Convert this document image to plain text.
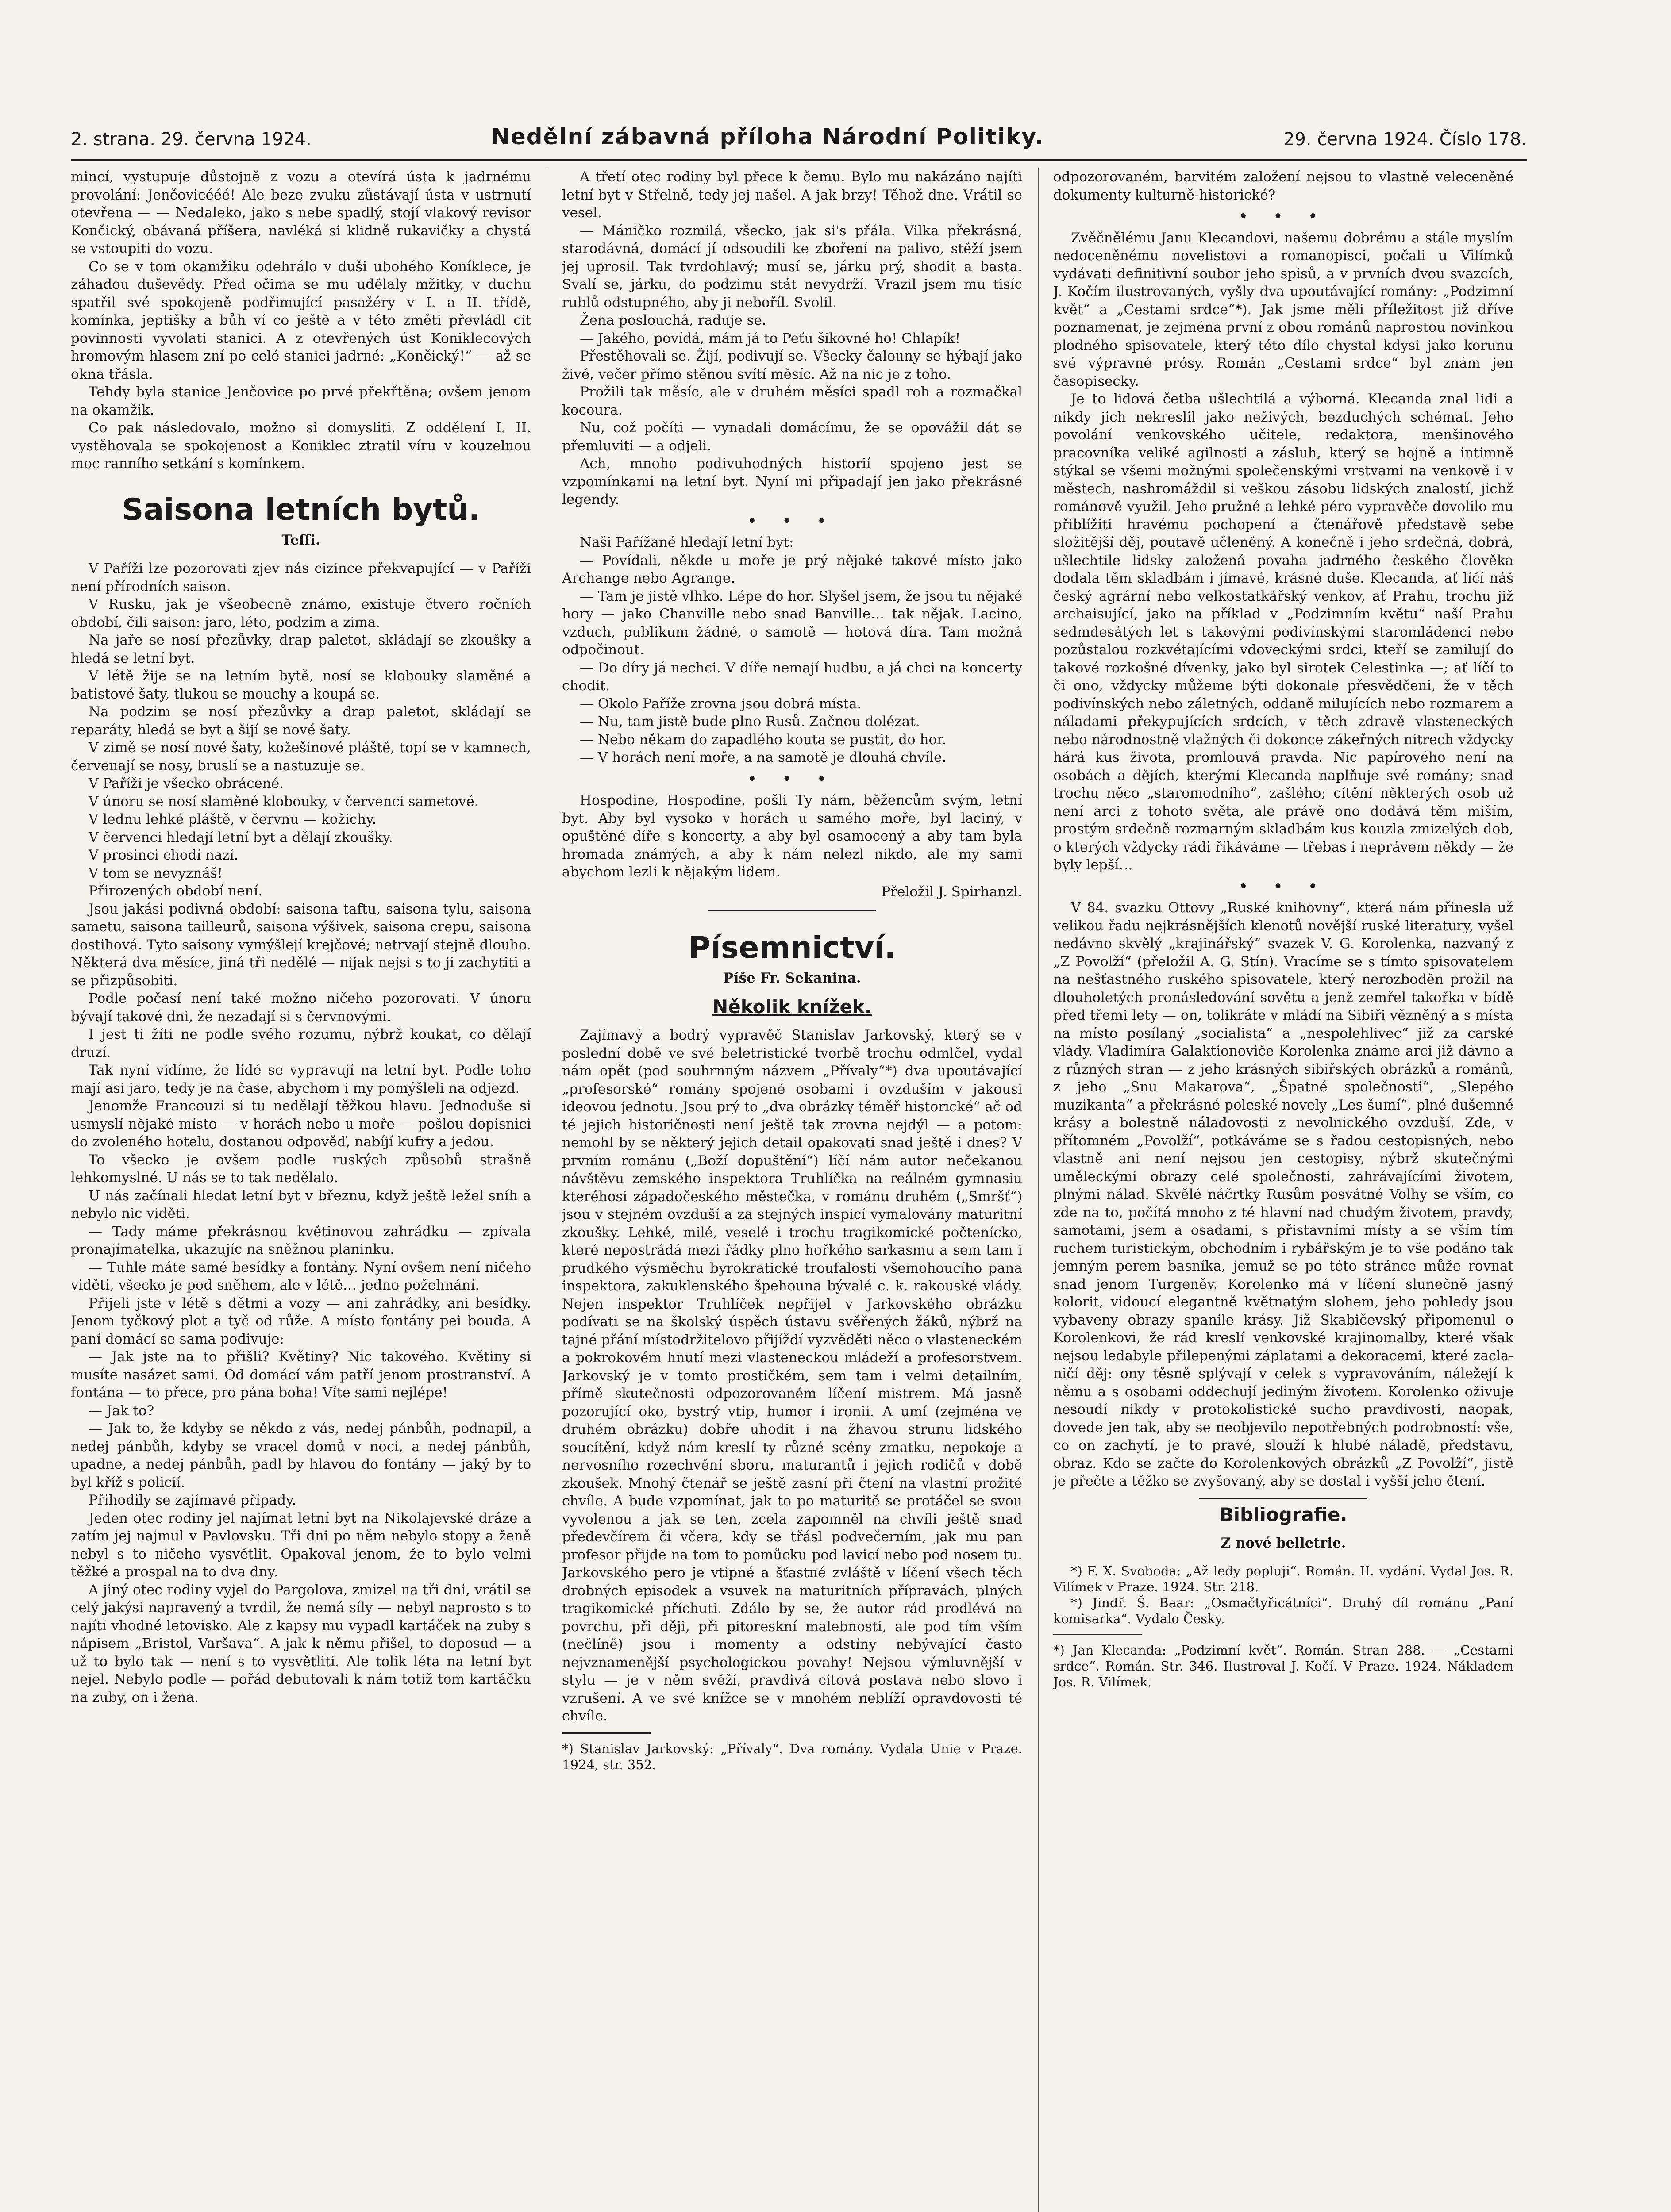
2. strana. 29. června 1924.	Nedělní zábavná příloha Národní Politiky.	29. června 1924. Číslo 178.

mincí, vystupuje důstojně z vozu a otevírá ústa k jadrnému provolání: Jenčovicééé! Ale beze zvuku zůstávají ústa v ustrnutí otevřena — — Nedaleko, jako s nebe spadlý, stojí vlakový revisor Končický, obávaná příšera, navléká si klidně rukavičky a chystá se vstoupiti do vozu.

Co se v tom okamžiku odehrálo v duši ubohého Koníklece, je záhadou duševědy. Před očima se mu udělaly mžitky, v duchu spatřil své spokojeně podřimující pasažéry v I. a II. třídě, komínka, jeptišky a bůh ví co ještě a v této změti převládl cit povinnosti vyvolati stanici. A z otevřených úst Koniklecových hromovým hlasem zní po celé stanici jadrné: „Končický!“ — až se okna třásla.

Tehdy byla stanice Jenčovice po prvé překřtěna; ovšem jenom na okamžik.

Co pak následovalo, možno si domysliti. Z oddělení I. II. vystěhovala se spokojenost a Koniklec ztratil víru v kouzelnou moc ranního setkání s komínkem.

Saisona letních bytů.
Teffi.

V Paříži lze pozorovati zjev nás cizince překvapující — v Paříži není přírodních saison.

V Rusku, jak je všeobecně známo, existuje čtvero ročních období, čili saison: jaro, léto, podzim a zima.

Na jaře se nosí přezůvky, drap paletot, skládají se zkoušky a hledá se letní byt.

V létě žije se na letním bytě, nosí se klobouky slaměné a batistové šaty, tlukou se mouchy a koupá se.

Na podzim se nosí přezůvky a drap paletot, skládají se reparáty, hledá se byt a šijí se nové šaty.

V zimě se nosí nové šaty, kožešinové pláště, topí se v kamnech, červenají se nosy, bruslí se a nastuzuje se.

V Paříži je všecko obrácené.

V únoru se nosí slaměné klobouky, v červenci sametové.

V lednu lehké pláště, v červnu — kožichy.

V červenci hledají letní byt a dělají zkoušky.

V prosinci chodí nazí.

V tom se nevyznáš!

Přirozených období není.

Jsou jakási podivná období: saisona taftu, saisona tylu, saisona sametu, saisona tailleurů, saisona výšivek, saisona crepu, saisona dostihová. Tyto saisony vymýšlejí krejčové; netrvají stejně dlouho. Některá dva měsíce, jiná tři nedělé — nijak nejsi s to ji zachytiti a se přizpůsobiti.

Podle počasí není také možno ničeho pozorovati. V únoru bývají takové dni, že nezadají si s červnovými.

I jest ti žíti ne podle svého rozumu, nýbrž koukat, co dělají druzí.

Tak nyní vidíme, že lidé se vypravují na letní byt. Podle toho mají asi jaro, tedy je na čase, abychom i my pomýšleli na odjezd.

Jenomže Francouzi si tu nedělají těžkou hlavu. Jednoduše si usmyslí nějaké místo — v horách nebo u moře — pošlou dopisnici do zvoleného hotelu, dostanou odpověď, nabíjí kufry a jedou.

To všecko je ovšem podle ruských způsobů strašně lehkomyslné. U nás se to tak nedělalo.

U nás začínali hledat letní byt v březnu, když ještě ležel sníh a nebylo nic viděti.

— Tady máme překrásnou květinovou zahrádku — zpívala pronajímatelka, ukazujíc na sněžnou planinku.

— Tuhle máte samé besídky a fontány. Nyní ovšem není ničeho viděti, všecko je pod sněhem, ale v létě… jedno požehnání.

Přijeli jste v létě s dětmi a vozy — ani zahrádky, ani besídky. Jenom tyčkový plot a tyč od růže. A místo fontány pei bouda. A paní domácí se sama podivuje:

— Jak jste na to přišli? Květiny? Nic takového. Květiny si musíte nasázet sami. Od domácí vám patří jenom prostranství. A fontána — to přece, pro pána boha! Víte sami nejlépe!

— Jak to?

— Jak to, že kdyby se někdo z vás, nedej pánbůh, podnapil, a nedej pánbůh, kdyby se vracel domů v noci, a nedej pánbůh, upadne, a nedej pánbůh, padl by hlavou do fontány — jaký by to byl kříž s policií.

Přihodily se zajímavé případy.

Jeden otec rodiny jel najímat letní byt na Nikolajevské dráze a zatím jej najmul v Pavlovsku. Tři dni po něm nebylo stopy a ženě nebyl s to ničeho vysvětlit. Opakoval jenom, že to bylo velmi těžké a prospal na to dva dny.

A jiný otec rodiny vyjel do Pargolova, zmizel na tři dni, vrátil se celý jakýsi napravený a tvrdil, že nemá síly — nebyl naprosto s to najíti vhodné letovisko. Ale z kapsy mu vypadl kartáček na zuby s nápisem „Bristol, Varšava“. A jak k němu přišel, to doposud — a už to bylo tak — není s to vysvětliti. Ale tolik léta na letní byt nejel. Nebylo podle — pořád debutovali k nám totiž tom kartáčku na zuby, on i žena.

A třetí otec rodiny byl přece k čemu. Bylo mu nakázáno najíti letní byt v Střelně, tedy jej našel. A jak brzy! Těhož dne. Vrátil se vesel.

— Máničko rozmilá, všecko, jak si's přála. Vilka překrásná, starodávná, domácí jí odsoudili ke zboření na palivo, stěží jsem jej uprosil. Tak tvrdohlavý; musí se, járku prý, shodit a basta. Svalí se, járku, do podzimu stát nevydrží. Vrazil jsem mu tisíc rublů odstupného, aby ji neboříl. Svolil.

Žena poslouchá, raduje se.

— Jakého, povídá, mám já to Peťu šikovné ho! Chlapík!

Přestěhovali se. Žijí, podivují se. Všecky čalouny se hýbají jako živé, večer přímo stěnou svítí měsíc. Až na nic je z toho.

Prožili tak měsíc, ale v druhém měsíci spadl roh a rozmačkal kocoura.

Nu, což počíti — vynadali domácímu, že se opovážil dát se přemluviti — a odjeli.

Ach, mnoho podivuhodných historií spojeno jest se vzpomínkami na letní byt. Nyní mi připadají jen jako překrásné legendy.

• • •

Naši Pařížané hledají letní byt:

— Povídali, někde u moře je prý nějaké takové místo jako Archange nebo Agrange.

— Tam je jistě vlhko. Lépe do hor. Slyšel jsem, že jsou tu nějaké hory — jako Chanville nebo snad Banville… tak nějak. Lacino, vzduch, publikum žádné, o samotě — hotová díra. Tam možná odpočinout.

— Do díry já nechci. V díře nemají hudbu, a já chci na koncerty chodit.

— Okolo Paříže zrovna jsou dobrá místa.

— Nu, tam jistě bude plno Rusů. Začnou dolézat.

— Nebo někam do zapadlého kouta se pustit, do hor.

— V horách není moře, a na samotě je dlouhá chvíle.

• • •

Hospodine, Hospodine, pošli Ty nám, běžencům svým, letní byt. Aby byl vysoko v horách u samého moře, byl laciný, v opuštěné díře s koncerty, a aby byl osamocený a aby tam byla hromada známých, a aby k nám nelezl nikdo, ale my sami abychom lezli k nějakým lidem.

Přeložil J. Spirhanzl.
Písemnictví.
Píše Fr. Sekanina.
Několik knížek.

Zajímavý a bodrý vypravěč Stanislav Jarkovský, který se v poslední době ve své beletristické tvorbě trochu odmlčel, vydal nám opět (pod souhrnným názvem „Přívaly“*) dva upoutávající „profesorské“ romány spojené osobami i ovzduším v jakousi ideovou jednotu. Jsou prý to „dva obrázky téměř historické“ ač od té jejich historičnosti není ještě tak zrovna nejdýl — a potom: nemohl by se některý jejich detail opakovati snad ještě i dnes? V prvním románu („Boží dopuštění“) líčí nám autor nečekanou návštěvu zemského inspektora Truhlíčka na reálném gymnasiu kteréhosi západočeského městečka, v románu druhém („Smršť“) jsou v stejném ovzduší a za stejných inspicí vymalovány maturitní zkoušky. Lehké, milé, veselé i trochu tragikomické počtenícko, které nepostrádá mezi řádky plno hořkého sarkasmu a sem tam i prudkého výsměchu byrokratické troufalosti všemohoucího pana inspektora, zakuklenského špehouna bývalé c. k. rakouské vlády. Nejen inspektor Truhlíček nepřijel v Jarkovského obrázku podívati se na školský úspěch ústavu svěřených žáků, nýbrž na tajné přání místodržitelovo přijíždí vyzvěděti něco o vlasteneckém a pokrokovém hnutí mezi vlasteneckou mládeží a profesorstvem. Jarkovský je v tomto prostičkém, sem tam i velmi detailním, přímě skutečnosti odpozorovaném líčení mistrem. Má jasně pozorující oko, bystrý vtip, humor i ironii. A umí (zejména ve druhém obrázku) dobře uhodit i na žhavou strunu lidského soucítění, když nám kreslí ty různé scény zmatku, nepokoje a nervosního rozechvění sboru, maturantů i jejich rodičů v době zkoušek. Mnohý čtenář se ještě zasní při čtení na vlastní prožité chvíle. A bude vzpomínat, jak to po maturitě se protáčel se svou vyvolenou a jak se ten, zcela zapomněl na chvíli ještě snad předevčírem či včera, kdy se třásl podvečerním, jak mu pan profesor přijde na tom to pomůcku pod lavicí nebo pod nosem tu. Jarkovského pero je vtipné a šťastné zvláště v líčení všech těch drobných episodek a vsuvek na maturitních přípravách, plných tragikomické příchuti. Zdálo by se, že autor rád prodlévá na povrchu, při ději, při pitoreskní malebnosti, ale pod tím vším (nečlíně) jsou i momenty a odstíny nebývající často nejvznamenější psychologickou povahy! Nejsou výmluvnější v stylu — je v něm svěží, pravdivá citová postava nebo slovo i vzrušení. A ve své knížce se v mnohém neblíží opravdovosti té chvíle.

*) Stanislav Jarkovský: „Přívaly“. Dva romány. Vydala Unie v Praze. 1924, str. 352.

odpozorovaném, barvitém založení nejsou to vlastně veleceněné dokumenty kulturně-historické?

• • •

Zvěčnělému Janu Klecandovi, našemu dobrému a stále myslím nedoceněnému novelistovi a romanopisci, počali u Vilímků vydávati definitivní soubor jeho spisů, a v prvních dvou svazcích, J. Kočím ilustrovaných, vyšly dva upoutávající romány: „Podzimní květ“ a „Cestami srdce“*). Jak jsme měli příležitost již dříve poznamenat, je zejména první z obou románů naprostou novinkou plodného spisovatele, který této dílo chystal kdysi jako korunu své výpravné prósy. Román „Cestami srdce“ byl znám jen časopisecky.

Je to lidová četba ušlechtilá a výborná. Klecanda znal lidi a nikdy jich nekreslil jako neživých, bezduchých schémat. Jeho povolání venkovského učitele, redaktora, menšinového pracovníka veliké agilnosti a zásluh, který se hojně a intimně stýkal se všemi možnými společenskými vrstvami na venkově i v městech, nashromáždil si veškou zásobu lidských znalostí, jichž románově využil. Jeho pružné a lehké péro vypravěče dovolilo mu přiblížiti hravému pochopení a čtenářově představě sebe složitější děj, poutavě učleněný. A konečně i jeho srdečná, dobrá, ušlechtile lidsky založená povaha jadrného českého člověka dodala těm skladbám i jímavé, krásné duše. Klecanda, ať líčí náš český agrární nebo velkostatkářský venkov, ať Prahu, trochu již archaisující, jako na příklad v „Podzimním květu“ naší Prahu sedmdesátých let s takovými podivínskými staromládenci nebo pozůstalou rozkvétajícími vdoveckými srdci, kteří se zamilují do takové rozkošné dívenky, jako byl sirotek Celestinka —; ať líčí to či ono, vždycky můžeme býti dokonale přesvědčeni, že v těch podivínských nebo záletných, oddaně milujících nebo rozmarem a náladami překypujících srdcích, v těch zdravě vlasteneckých nebo národnostně vlažných či dokonce zákeřných nitrech vždycky hárá kus života, promlouvá pravda. Nic papírového není na osobách a dějích, kterými Klecanda naplňuje své romány; snad trochu něco „staromodního“, zašlého; cítění některých osob už není arci z tohoto světa, ale právě ono dodává těm miším, prostým srdečně rozmarným skladbám kus kouzla zmizelých dob, o kterých vždycky rádi říkáváme — třebas i neprávem někdy — že byly lepší…

• • •

V 84. svazku Ottovy „Ruské knihovny“, která nám přinesla už velikou řadu nejkrásnějších klenotů novější ruské literatury, vyšel nedávno skvělý „krajinářský“ svazek V. G. Korolenka, nazvaný z „Z Povolží“ (přeložil A. G. Stín). Vracíme se s tímto spisovatelem na nešťastného ruského spisovatele, který nerozboděn prožil na dlouholetých pronásledování sovětu a jenž zemřel takořka v bídě před třemi lety — on, tolikráte v mládí na Sibiři vězněný a s místa na místo posílaný „socialista“ a „nespolehlivec“ již za carské vlády. Vladimíra Galaktionoviče Korolenka známe arci již dávno a z různých stran — z jeho krásných sibiřských obrázků a románů, z jeho „Snu Makarova“, „Špatné společnosti“, „Slepého muzikanta“ a překrásné poleské novely „Les šumí“, plné dušemné krásy a bolestně náladovosti z nevolnického ovzduší. Zde, v přítomném „Povolží“, potkáváme se s řadou cestopisných, nebo vlastně ani není nejsou jen cestopisy, nýbrž skutečnými uměleckými obrazy celé společnosti, zahrávajícími životem, plnými nálad. Skvělé náčrtky Rusům posvátné Volhy se vším, co zde na to, počítá mnoho z té hlavní nad chudým životem, pravdy, samotami, jsem a osadami, s přistavními místy a se vším tím ruchem turistickým, obchodním i rybářským je to vše podáno tak jemným perem basníka, jemuž se po této stránce může rovnat snad jenom Turgeněv. Korolenko má v líčení slunečně jasný kolorit, vidoucí elegantně květnatým slohem, jeho pohledy jsou vybaveny obrazy spanile krásy. Již Skabičevský připomenul o Korolenkovi, že rád kreslí venkovské krajinomalby, které však nejsou ledabyle přilepenými záplatami a dekoracemi, které zacla- ničí děj: ony těsně splývají v celek s vypravováním, náležejí k němu a s osobami oddechují jediným životem. Korolenko oživuje nesoudí nikdy v protokolistické sucho pravdivosti, naopak, dovede jen tak, aby se neobjevilo nepotřebných podrobností: vše, co on zachytí, je to pravé, slouží k hlubé náladě, představu, obraz. Kdo se začte do Korolenkových obrázků „Z Povolží“, jistě je přečte a těžko se zvyšovaný, aby se dostal i vyšší jeho čtení.

Bibliografie.
Z nové belletrie.

*) F. X. Svoboda: „Až ledy popluji“. Román. II. vydání. Vydal Jos. R. Vilímek v Praze. 1924. Str. 218.

*) Jindř. Š. Baar: „Osmačtyřicátníci“. Druhý díl románu „Paní komisarka“. Vydalo Česky.

*) Jan Klecanda: „Podzimní květ“. Román. Stran 288. — „Cestami srdce“. Román. Str. 346. Ilustroval J. Kočí. V Praze. 1924. Nákladem Jos. R. Vilímek.
